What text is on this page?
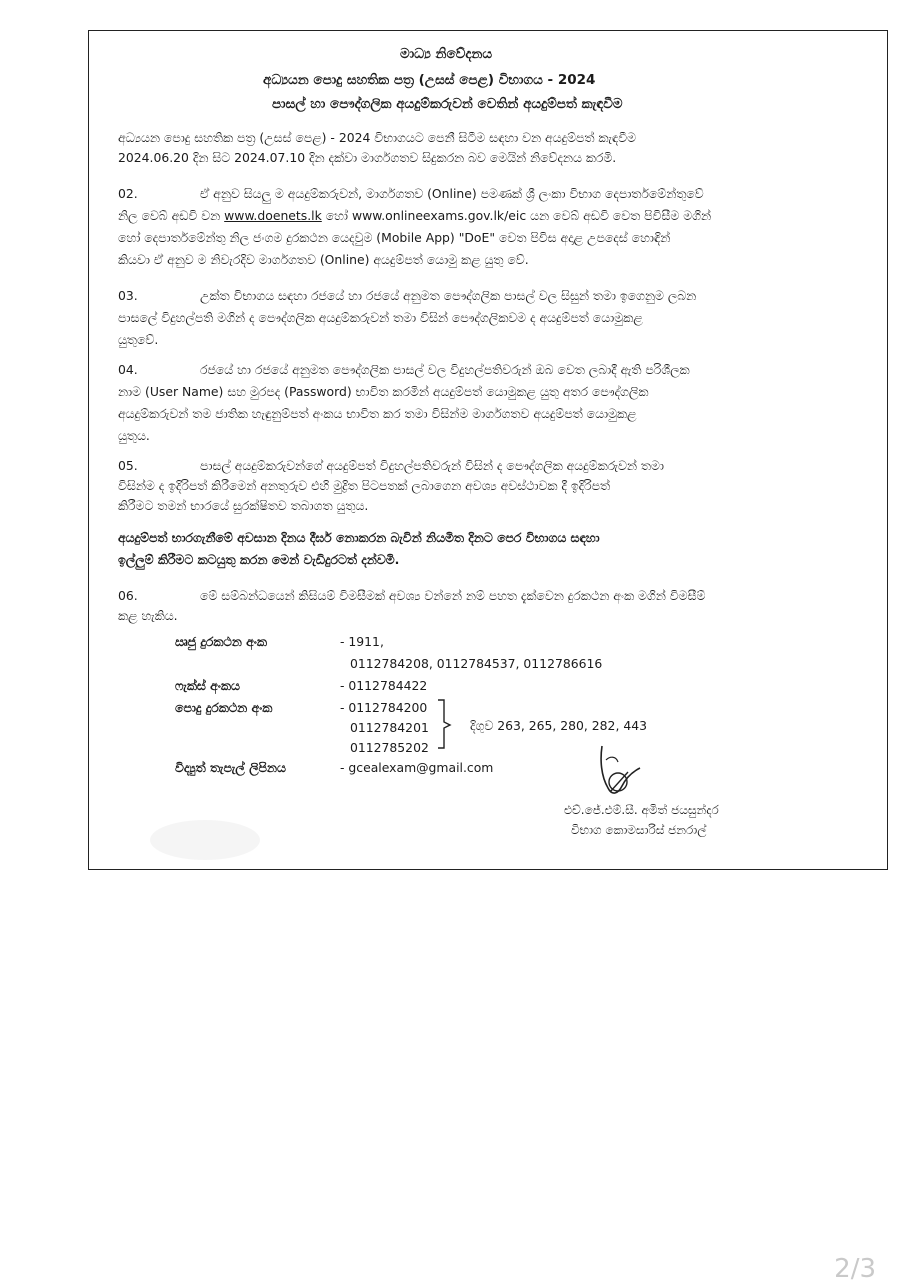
මාධ්‍ය නිවේදනය
අධ්‍යයන පොදු සහතික පත්‍ර (උසස් පෙළ) විභාගය - 2024
පාසල් හා පෞද්ගලික අයදුම්කරුවන් වෙතින් අයදුම්පත් කැඳවීම
අධ්‍යයන පොදු සහතික පත්‍ර (උසස් පෙළ) - 2024 විභාගයට පෙනී සිටීම සඳහා වන අයදුම්පත් කැඳවීම
2024.06.20 දින සිට 2024.07.10 දින දක්වා මාර්ගගතව සිදුකරන බව මෙයින් නිවේදනය කරමි.
02.	ඒ අනුව සියලු ම අයදුම්කරුවන්, මාර්ගගතව (Online) පමණක් ශ්‍රී ලංකා විභාග දෙපාර්තමේන්තුවේ
නිල වෙබ් අඩවි වන www.doenets.lk හෝ www.onlineexams.gov.lk/eic යන වෙබ් අඩවි වෙත පිවිසීම මගින්
හෝ දෙපාර්තමේන්තු නිල ජංගම දුරකථන යෙදවුම (Mobile App) "DoE" වෙත පිවිස අදාළ උපදෙස් හොඳින්
කියවා ඒ අනුව ම නිවැරදිව මාර්ගගතව (Online) අයදුම්පත් යොමු කළ යුතු වේ.
03.	උක්ත විභාගය සඳහා රජයේ හා රජයේ අනුමත පෞද්ගලික පාසල් වල සිසුන් තමා ඉගෙනුම ලබන
පාසලේ විදුහල්පති මගින් ද පෞද්ගලික අයදුම්කරුවන් තමා විසින් පෞද්ගලිකවම ද අයදුම්පත් යොමුකළ
යුතුවේ.
04.	රජයේ හා රජයේ අනුමත පෞද්ගලික පාසල් වල විදුහල්පතිවරුන් ඔබ වෙත ලබාදී ඇති පරිශීලක
නාම (User Name) සහ මුරපද (Password) භාවිත කරමින් අයදුම්පත් යොමුකළ යුතු අතර පෞද්ගලික
අයදුම්කරුවන් තම ජාතික හැඳුනුම්පත් අංකය භාවිත කර තමා විසින්ම මාර්ගගතව අයදුම්පත් යොමුකළ
යුතුය.
05.	පාසල් අයදුම්කරුවන්ගේ අයදුම්පත් විදුහල්පතිවරුන් විසින් ද පෞද්ගලික අයදුම්කරුවන් තමා
විසින්ම ද ඉදිරිපත් කිරීමෙන් අනතුරුව එහි මුද්‍රිත පිටපතක් ලබාගෙන අවශ්‍ය අවස්ථාවක දී ඉදිරිපත්
කිරීමට තමන් භාරයේ සුරක්ෂිතව තබාගත යුතුය.
අයදුම්පත් භාරගැනීමේ අවසාන දිනය දීර්ඝ නොකරන බැවින් නියමිත දිනට පෙර විභාගය සඳහා
ඉල්ලුම් කිරීමට කටයුතු කරන මෙන් වැඩිදුරටත් දන්වමි.
06.	මේ සම්බන්ධයෙන් කිසියම් විමසීමක් අවශ්‍ය වන්නේ නම් පහත දැක්වෙන දුරකථන අංක මගින් විමසීම්
කළ හැකිය.
ඍජු දුරකථන අංක	- 1911,
0112784208, 0112784537, 0112786616
ෆැක්ස් අංකය	- 0112784422
පොදු දුරකථන අංක	- 0112784200
0112784201
0112785202
දිගුව 263, 265, 280, 282, 443
විද්‍යුත් තැපැල් ලිපිනය	- gcealexam@gmail.com
එච්.ජේ.එම්.සී. අමිත් ජයසුන්දර
විභාග කොමසාරිස් ජනරාල්
2/3
